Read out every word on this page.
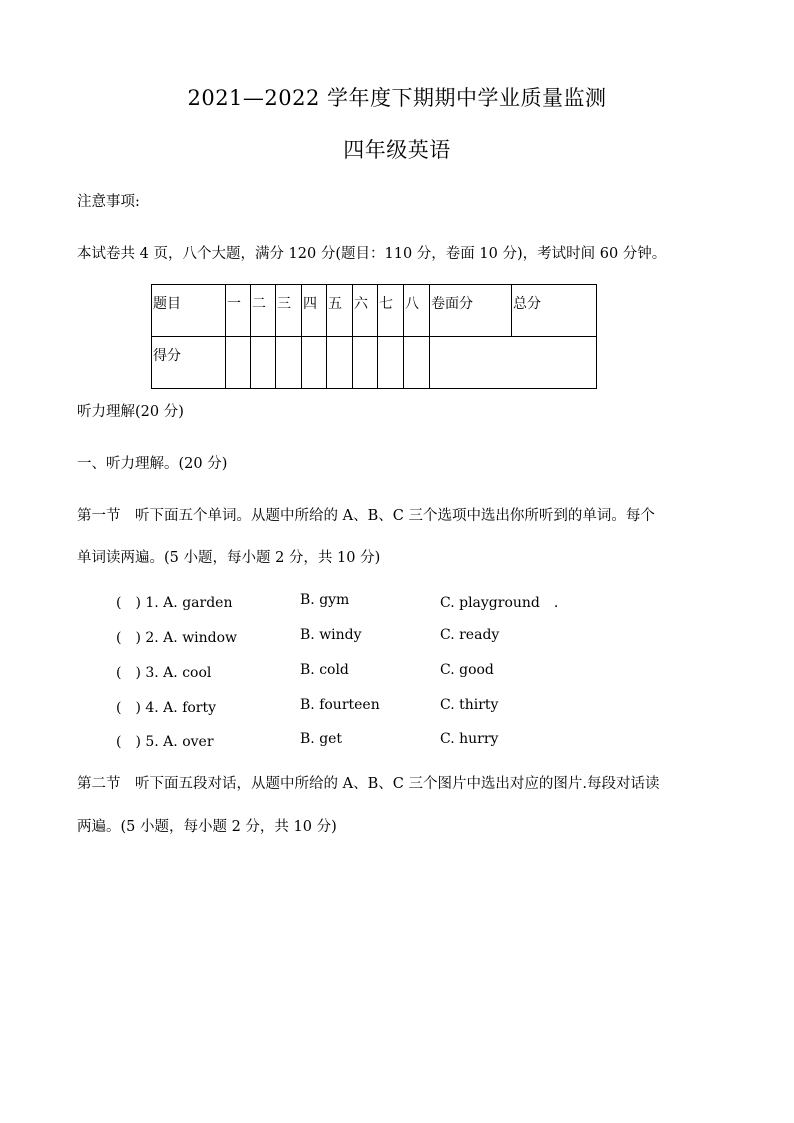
2021—2022 学年度下期期中学业质量监测
四年级英语
注意事项:
本试卷共 4 页，八个大题，满分 120 分(题目：110 分，卷面 10 分)，考试时间 60 分钟。
题目	一	二	三	四	五	六	七	八	卷面分	总分
得分										
听力理解(20 分)
一、听力理解。(20 分)
第一节　听下面五个单词。从题中所给的 A、B、C 三个选项中选出你所听到的单词。每个
单词读两遍。(5 小题，每小题 2 分，共 10 分)
(　) 1. A. garden	B. gym	C. playground　.
(　) 2. A. window	B. windy	C. ready
(　) 3. A. cool	B. cold	C. good
(　) 4. A. forty	B. fourteen	C. thirty
(　) 5. A. over	B. get	C. hurry
第二节　听下面五段对话，从题中所给的 A、B、C 三个图片中选出对应的图片.每段对话读
两遍。(5 小题，每小题 2 分，共 10 分)
